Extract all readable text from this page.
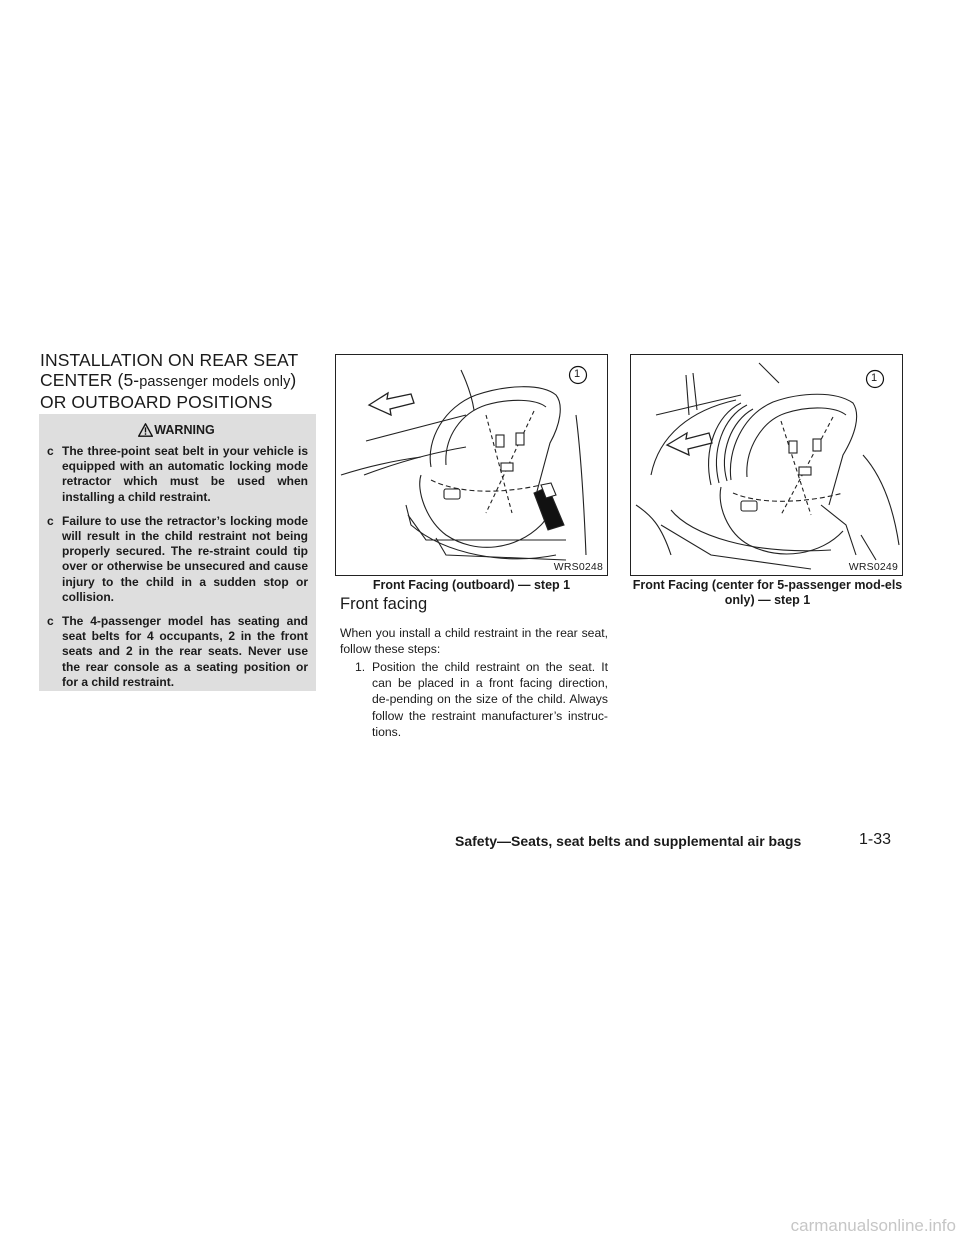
INSTALLATION ON REAR SEAT
CENTER (5-passenger models only)
OR OUTBOARD POSITIONS
WARNING
c The three-point seat belt in your vehicle is equipped with an automatic locking mode retractor which must be used when installing a child restraint.
c Failure to use the retractor’s locking mode will result in the child restraint not being properly secured. The re-straint could tip over or otherwise be unsecured and cause injury to the child in a sudden stop or collision.
c The 4-passenger model has seating and seat belts for 4 occupants, 2 in the front seats and 2 in the rear seats. Never use the rear console as a seating position or for a child restraint.
1
WRS0248
Front Facing (outboard) — step 1
1
WRS0249
Front Facing (center for 5-passenger mod-els only) — step 1
Front facing

When you install a child restraint in the rear seat, follow these steps:

1. Position the child restraint on the seat. It can be placed in a front facing direction, de-pending on the size of the child. Always follow the restraint manufacturer’s instruc-tions.
Safety—Seats, seat belts and supplemental air bags	1-33
carmanualsonline.info
